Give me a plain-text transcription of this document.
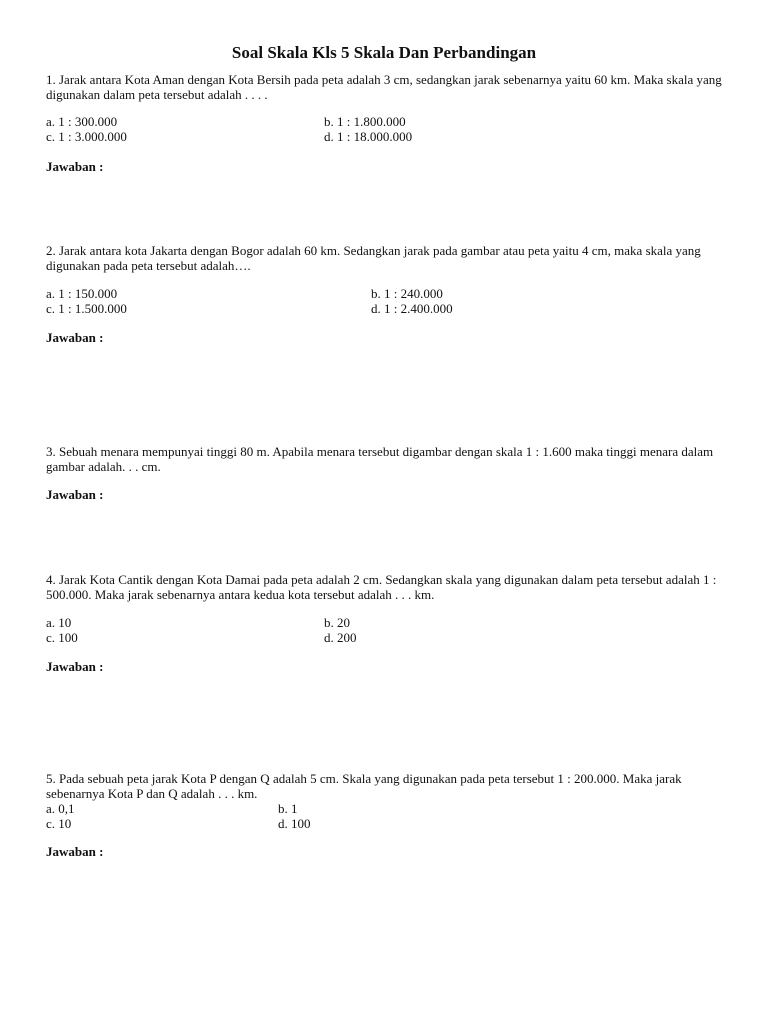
Soal Skala Kls 5 Skala Dan Perbandingan
1. Jarak antara Kota Aman dengan Kota Bersih pada peta adalah 3 cm, sedangkan jarak sebenarnya yaitu 60 km. Maka skala yang digunakan dalam peta tersebut adalah . . . .
a. 1 : 300.000	b. 1 : 1.800.000
c. 1 : 3.000.000	d. 1 : 18.000.000
Jawaban :
2. Jarak antara kota Jakarta dengan Bogor adalah 60 km. Sedangkan jarak pada gambar atau peta yaitu 4 cm, maka skala yang digunakan pada peta tersebut adalah….
a. 1 : 150.000	b. 1 : 240.000
c. 1 : 1.500.000	d. 1 : 2.400.000
Jawaban :
3. Sebuah menara mempunyai tinggi 80 m. Apabila menara tersebut digambar dengan skala 1 : 1.600 maka tinggi menara dalam gambar adalah. . . cm.
Jawaban :
4. Jarak Kota Cantik dengan Kota Damai pada peta adalah 2 cm. Sedangkan skala yang digunakan dalam peta tersebut adalah 1 : 500.000. Maka jarak sebenarnya antara kedua kota tersebut adalah . . . km.
a. 10	b. 20
c. 100	d. 200
Jawaban :
5. Pada sebuah peta jarak Kota P dengan Q adalah 5 cm. Skala yang digunakan pada peta tersebut 1 : 200.000. Maka jarak sebenarnya Kota P dan Q adalah . . . km.
a. 0,1	b. 1
c. 10	d. 100
Jawaban :
